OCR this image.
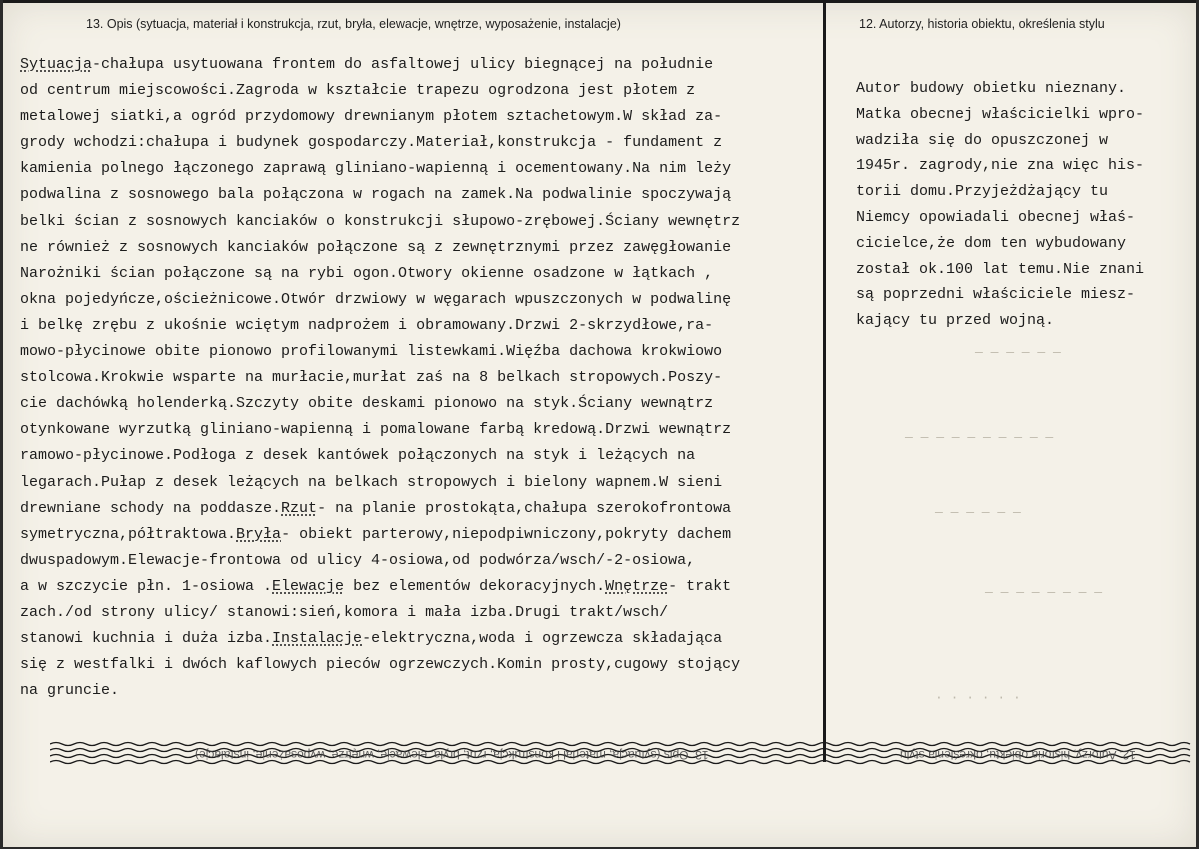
13. Opis (sytuacja, materiał i konstrukcja, rzut, bryła, elewacje, wnętrze, wyposażenie, instalacje)	12. Autorzy, historia obiektu, określenia stylu
Sytuacja-chałupa usytuowana frontem do asfaltowej ulicy biegnącej na południe
od centrum miejscowości.Zagroda w kształcie trapezu ogrodzona jest płotem z
metalowej siatki,a ogród przydomowy drewnianym płotem sztachetowym.W skład za-
grody wchodzi:chałupa i budynek gospodarczy.Materiał,konstrukcja - fundament z
kamienia polnego łączonego zaprawą gliniano-wapienną i ocementowany.Na nim leży
podwalina z sosnowego bala połączona w rogach na zamek.Na podwalinie spoczywają
belki ścian z sosnowych kanciaków o konstrukcji słupowo-zrębowej.Ściany wewnętrz
ne również z sosnowych kanciaków połączone są z zewnętrznymi przez zawęgłowanie
Narożniki ścian połączone są na rybi ogon.Otwory okienne osadzone w łątkach ,
okna pojedyńcze,ościeżnicowe.Otwór drzwiowy w węgarach wpuszczonych w podwalinę
i belkę zrębu z ukośnie wciętym nadprożem i obramowany.Drzwi 2-skrzydłowe,ra-
mowo-płycinowe obite pionowo profilowanymi listewkami.Więźba dachowa krokwiowo
stolcowa.Krokwie wsparte na murłacie,murłat zaś na 8 belkach stropowych.Poszy-
cie dachówką holenderką.Szczyty obite deskami pionowo na styk.Ściany wewnątrz
otynkowane wyrzutką gliniano-wapienną i pomalowane farbą kredową.Drzwi wewnątrz
ramowo-płycinowe.Podłoga z desek kantówek połączonych na styk i leżących na
legarach.Pułap z desek leżących na belkach stropowych i bielony wapnem.W sieni
drewniane schody na poddasze.Rzut- na planie prostokąta,chałupa szerokofrontowa
symetryczna,półtraktowa.Bryła- obiekt parterowy,niepodpiwniczony,pokryty dachem
dwuspadowym.Elewacje-frontowa od ulicy 4-osiowa,od podwórza/wsch/-2-osiowa,
a w szczycie płn. 1-osiowa .Elewacje bez elementów dekoracyjnych.Wnętrze- trakt
zach./od strony ulicy/ stanowi:sień,komora i mała izba.Drugi trakt/wsch/
stanowi kuchnia i duża izba.Instalacje-elektryczna,woda i ogrzewcza składająca
się z westfalki i dwóch kaflowych pieców ogrzewczych.Komin prosty,cugowy stojący
na gruncie.
Autor budowy obietku nieznany.
Matka obecnej właścicielki wpro-
wadziła się do opuszczonej w
1945r. zagrody,nie zna więc his-
torii domu.Przyjeżdżający tu
Niemcy opowiadali obecnej właś-
cicielce,że dom ten wybudowany
został ok.100 lat temu.Nie znani
są poprzedni właściciele miesz-
kający tu przed wojną.
— — — — — —
— — — — — — — — — —
— — — — — —
— — — — — — — —
· · · · · ·
13. Opis (sytuacja, materiał i konstrukcja, rzut, bryła, elewacje, wnętrze, wyposażenie, instalacje)	12. Autorzy, historia obiektu, określenia stylu
